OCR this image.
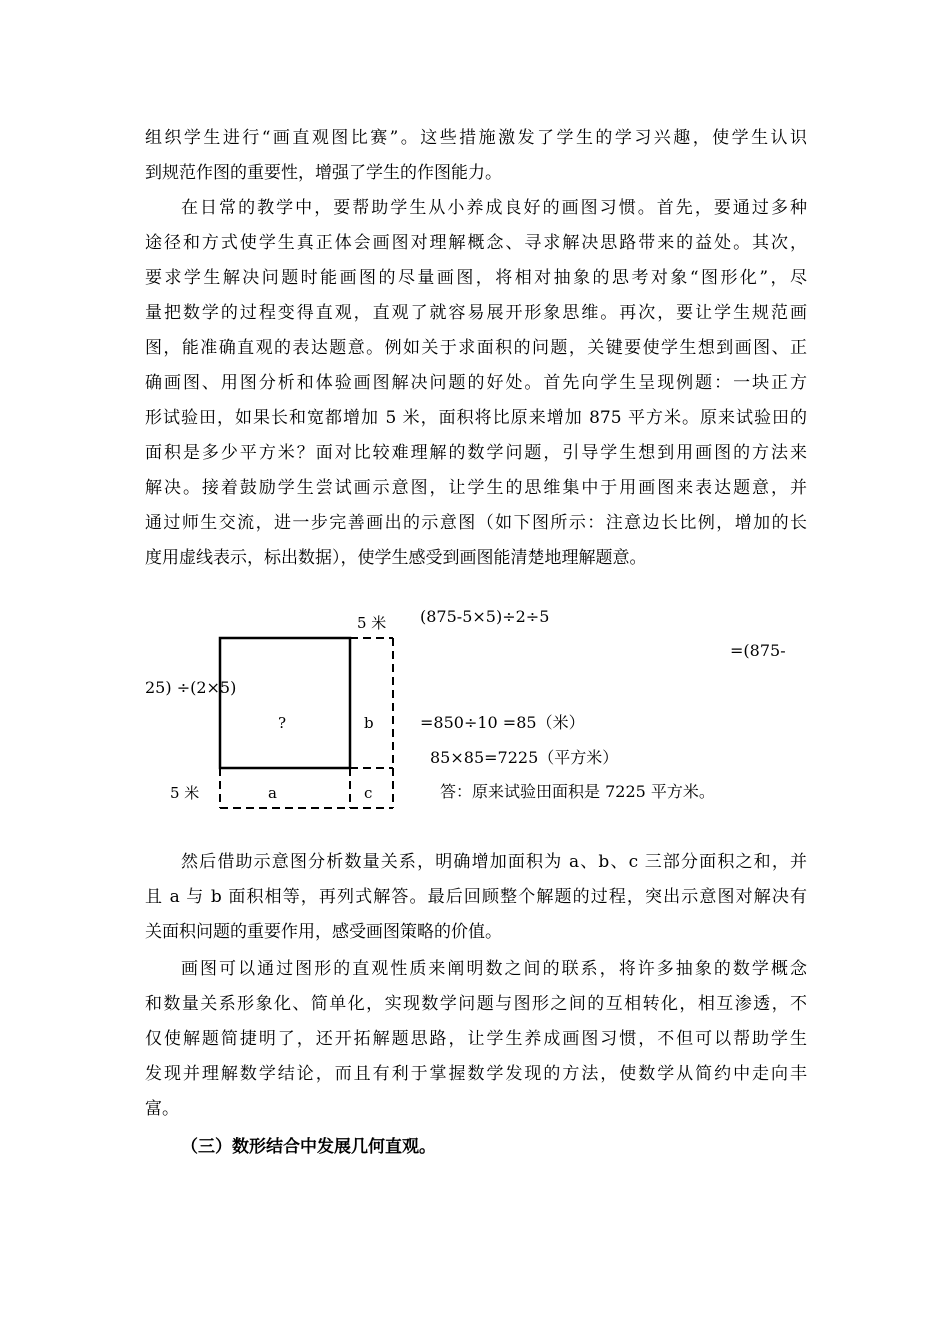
组织学生进行“画直观图比赛”。这些措施激发了学生的学习兴趣，使学生认识
到规范作图的重要性，增强了学生的作图能力。
在日常的教学中，要帮助学生从小养成良好的画图习惯。首先，要通过多种
途径和方式使学生真正体会画图对理解概念、寻求解决思路带来的益处。其次，
要求学生解决问题时能画图的尽量画图，将相对抽象的思考对象“图形化”，尽
量把数学的过程变得直观，直观了就容易展开形象思维。再次，要让学生规范画
图，能准确直观的表达题意。例如关于求面积的问题，关键要使学生想到画图、正
确画图、用图分析和体验画图解决问题的好处。首先向学生呈现例题：一块正方
形试验田，如果长和宽都增加 5 米，面积将比原来增加 875 平方米。原来试验田的
面积是多少平方米？面对比较难理解的数学问题，引导学生想到用画图的方法来
解决。接着鼓励学生尝试画示意图，让学生的思维集中于用画图来表达题意，并
通过师生交流，进一步完善画出的示意图（如下图所示：注意边长比例，增加的长
度用虚线表示，标出数据），使学生感受到画图能清楚地理解题意。
5 米
5 米
?	b
a	c
(875-5×5)÷2÷5
=(875-
25) ÷(2×5)
=850÷10 =85（米）
85×85=7225（平方米）
答：原来试验田面积是 7225 平方米。
然后借助示意图分析数量关系，明确增加面积为 a、b、c 三部分面积之和，并
且 a 与 b 面积相等，再列式解答。最后回顾整个解题的过程，突出示意图对解决有
关面积问题的重要作用，感受画图策略的价值。
画图可以通过图形的直观性质来阐明数之间的联系，将许多抽象的数学概念
和数量关系形象化、简单化，实现数学问题与图形之间的互相转化，相互渗透，不
仅使解题简捷明了，还开拓解题思路，让学生养成画图习惯，不但可以帮助学生
发现并理解数学结论，而且有利于掌握数学发现的方法，使数学从简约中走向丰
富。
（三）数形结合中发展几何直观。
